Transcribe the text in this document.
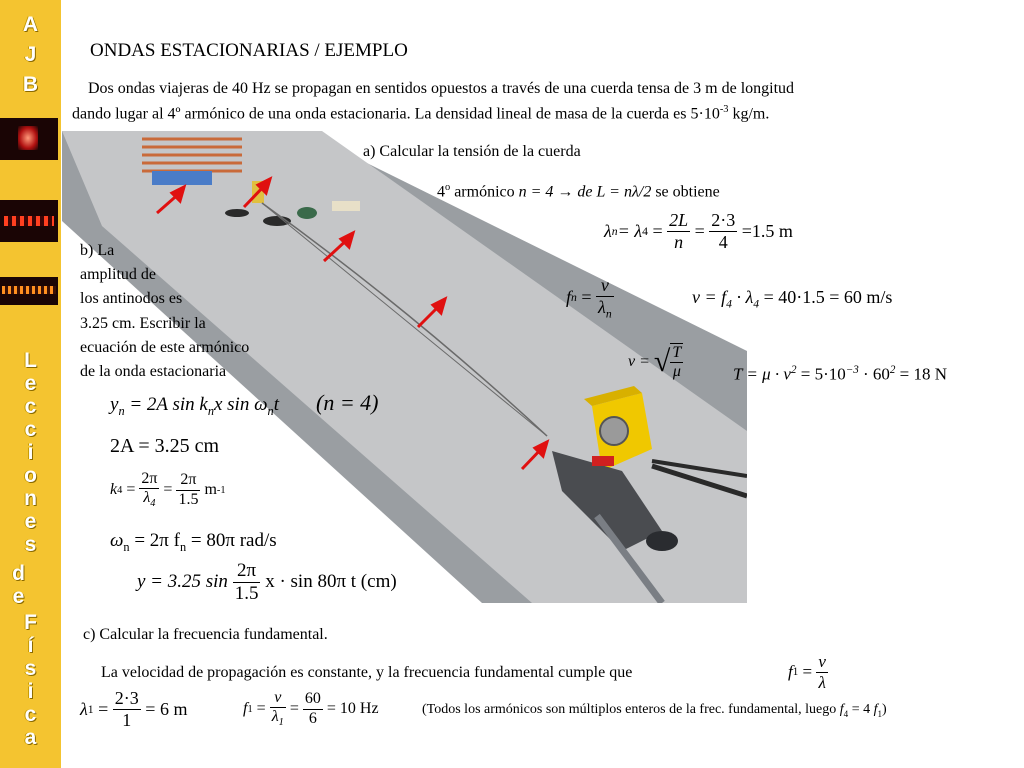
A
J
B
L
e
c
c
i
o
n
e
s
d
e
F
í
s
i
c
a
ONDAS ESTACIONARIAS / EJEMPLO
Dos ondas viajeras de 40 Hz se propagan en sentidos opuestos a través de una cuerda tensa de 3 m de longitud
dando lugar al 4º armónico de una onda estacionaria. La densidad lineal de masa de la cuerda es $5\cdot 10^{-3}$ kg/m.
a) Calcular la tensión de la cuerda
4$^o$ armónico n = 4 → de L = nλ/2 se obtiene
λ n = λ $4 = \frac{2L}{n} = \frac{2\cdot 3}{4}$
=1.5 m
f $n = \frac{v}{\lambda_n}$	$v = f_4 \cdot \lambda_4 = 40\cdot 1.5 = 60$ m/s
v =
√ $\frac{T}{\mu}$	$T = \mu \cdot v^2 = 5\cdot 10^{-3} \cdot 60^2 = 18$ N
b) La
amplitud de
los antinodos es
3.25 cm. Escribir la
ecuación de este armónico
de la onda estacionaria
$y_n = 2A$ $\sin k_nx$ $\sin \omega_nt$ (n = 4)
2A = 3.25 cm
k $4 = \frac{2\pi}{\lambda_4} = \frac{2\pi}{1.5}$
m -1
$\omega_n = 2\pi$ $f_n = 80\pi$ rad/s
y = 3.25 sin
$\frac{2\pi}{1.5}$
x · sin 80π t (cm)
c) Calcular la frecuencia fundamental.
La velocidad de propagación es constante, y la frecuencia fundamental cumple que	f $1 = \frac{v}{\lambda}$
λ $1 = \frac{2\cdot 3}{1}$
= 6 m	f $1 = \frac{v}{\lambda_1} = \frac{60}{6}$
= 10 Hz	(Todos los armónicos son múltiplos enteros de la frec. fundamental, luego $f_4 = 4$ $f_1$)
